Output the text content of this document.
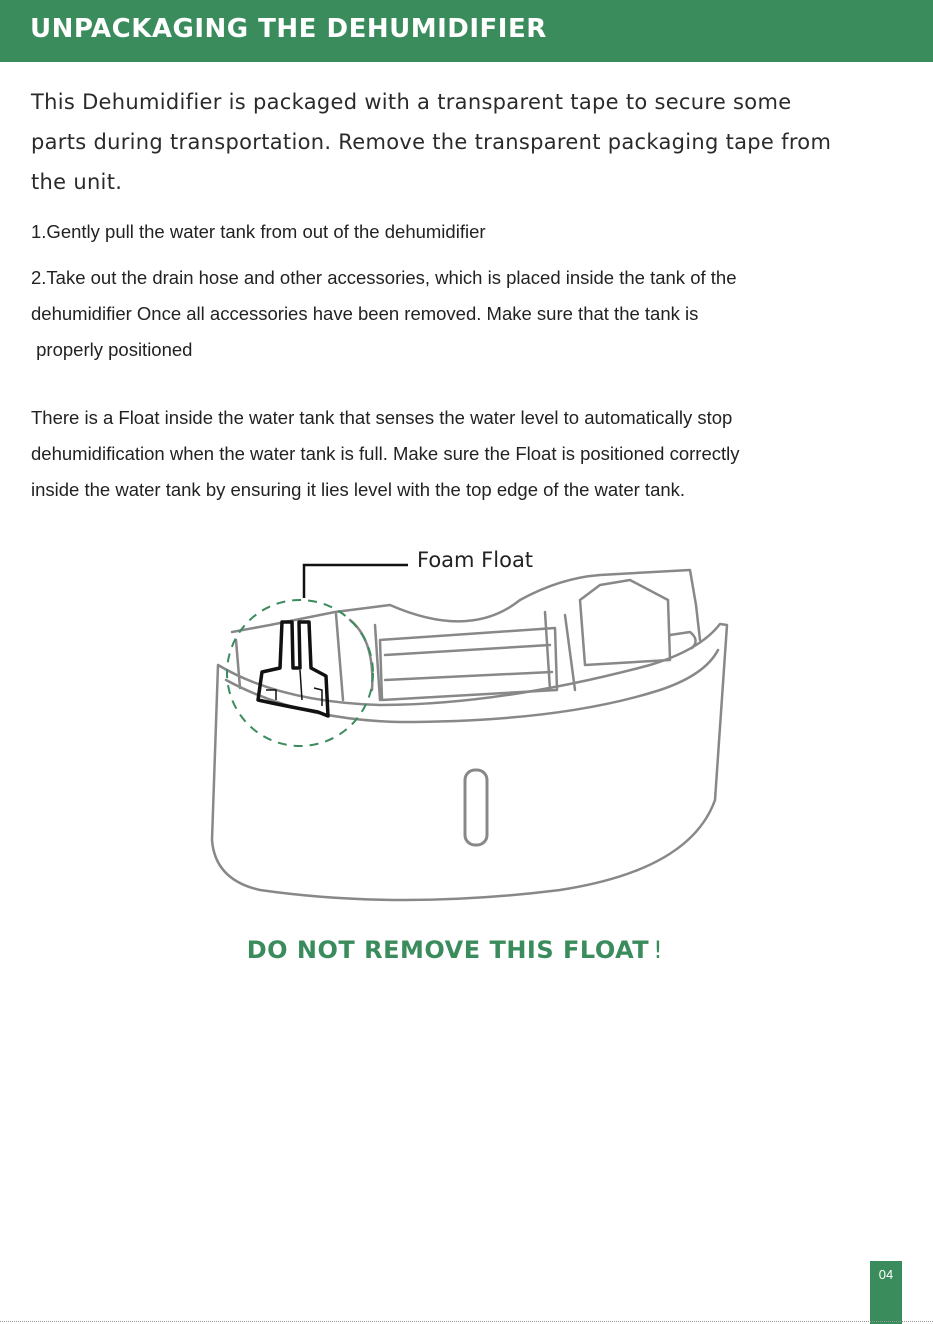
UNPACKAGING THE DEHUMIDIFIER
This Dehumidifier is packaged with a transparent tape to secure some
parts during transportation. Remove the transparent packaging tape from
the unit.
1.Gently pull the water tank from out of the dehumidifier
2.Take out the drain hose and other accessories, which is placed inside the tank of the
dehumidifier Once all accessories have been removed. Make sure that the tank is
properly positioned
There is a Float inside the water tank that senses the water level to automatically stop
dehumidification when the water tank is full. Make sure the Float is positioned correctly
inside the water tank by ensuring it lies level with the top edge of the water tank.
Foam Float
DO NOT REMOVE THIS FLOAT !
04
